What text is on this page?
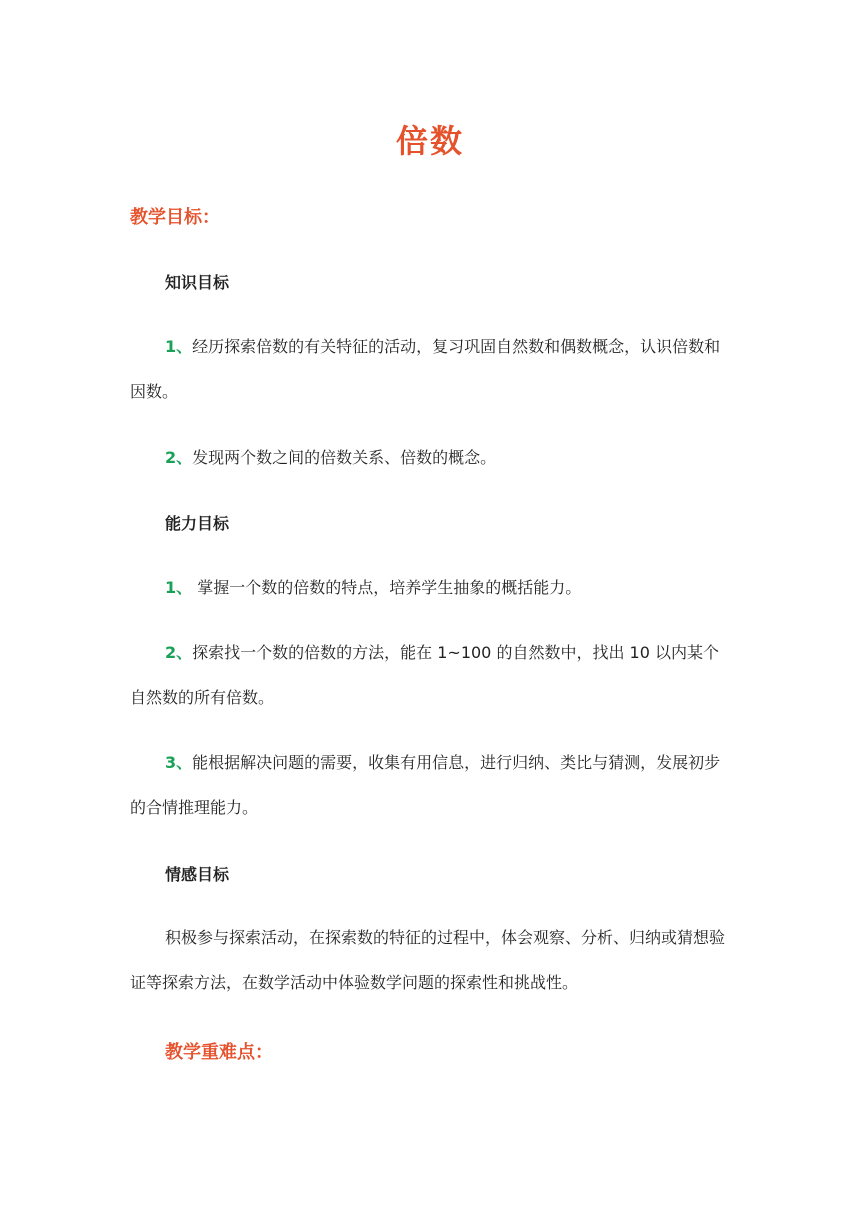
倍数
教学目标：
知识目标
1、经历探索倍数的有关特征的活动，复习巩固自然数和偶数概念，认识倍数和因数。
2、发现两个数之间的倍数关系、倍数的概念。
能力目标
1、 掌握一个数的倍数的特点，培养学生抽象的概括能力。
2、探索找一个数的倍数的方法，能在 1~100 的自然数中，找出 10 以内某个自然数的所有倍数。
3、能根据解决问题的需要，收集有用信息，进行归纳、类比与猜测，发展初步的合情推理能力。
情感目标
积极参与探索活动，在探索数的特征的过程中，体会观察、分析、归纳或猜想验证等探索方法，在数学活动中体验数学问题的探索性和挑战性。
教学重难点：
